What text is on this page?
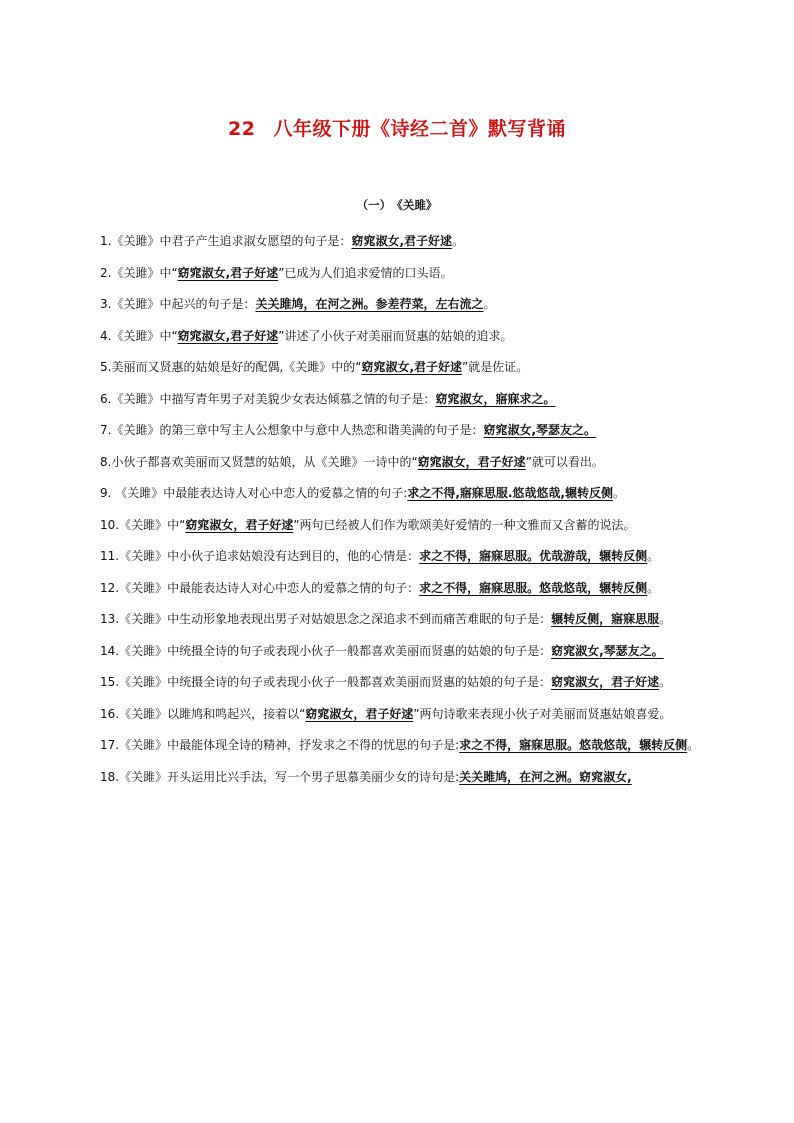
22 八年级下册《诗经二首》默写背诵
（一） 《关雎》

1.《关雎》中君子产生追求淑女愿望的句子是：窈窕淑女,君子好逑。

2.《关雎》中“窈窕淑女,君子好逑”已成为人们追求爱情的口头语。

3.《关雎》中起兴的句子是：关关雎鸠，在河之洲。参差荇菜，左右流之。

4.《关雎》中“窈窕淑女,君子好逑”讲述了小伙子对美丽而贤惠的姑娘的追求。

5.美丽而又贤惠的姑娘是好的配偶,《关雎》中的“窈窕淑女,君子好逑”就是佐证。

6.《关雎》中描写青年男子对美貌少女表达倾慕之情的句子是：窈窕淑女，寤寐求之。

7.《关雎》的第三章中写主人公想象中与意中人热恋和谐美满的句子是：窈窕淑女,琴瑟友之。

8.小伙子都喜欢美丽而又贤慧的姑娘，从《关雎》一诗中的“窈窕淑女，君子好逑”就可以看出。

9. 《关雎》中最能表达诗人对心中恋人的爱慕之情的句子:求之不得,寤寐思服.悠哉悠哉,辗转反侧。

10.《关雎》中“窈窕淑女，君子好逑”两句已经被人们作为歌颂美好爱情的一种文雅而又含蓄的说法。

11.《关雎》中小伙子追求姑娘没有达到目的，他的心情是：求之不得，寤寐思服。优哉游哉，辗转反侧。

12.《关雎》中最能表达诗人对心中恋人的爱慕之情的句子：求之不得，寤寐思服。悠哉悠哉，辗转反侧。

13.《关雎》中生动形象地表现出男子对姑娘思念之深追求不到而痛苦难眠的句子是：辗转反侧，寤寐思服。

14.《关雎》中统摄全诗的句子或表现小伙子一般都喜欢美丽而贤惠的姑娘的句子是：窈窕淑女,琴瑟友之。

15.《关雎》中统摄全诗的句子或表现小伙子一般都喜欢美丽而贤惠的姑娘的句子是：窈窕淑女，君子好逑。

16.《关雎》以雎鸠和鸣起兴，接着以“窈窕淑女，君子好逑”两句诗歌来表现小伙子对美丽而贤惠姑娘喜爱。

17.《关雎》中最能体现全诗的精神，抒发求之不得的忧思的句子是:求之不得，寤寐思服。悠哉悠哉，辗转反侧。

18.《关雎》开头运用比兴手法，写一个男子思慕美丽少女的诗句是:关关雎鸠，在河之洲。窈窕淑女,
